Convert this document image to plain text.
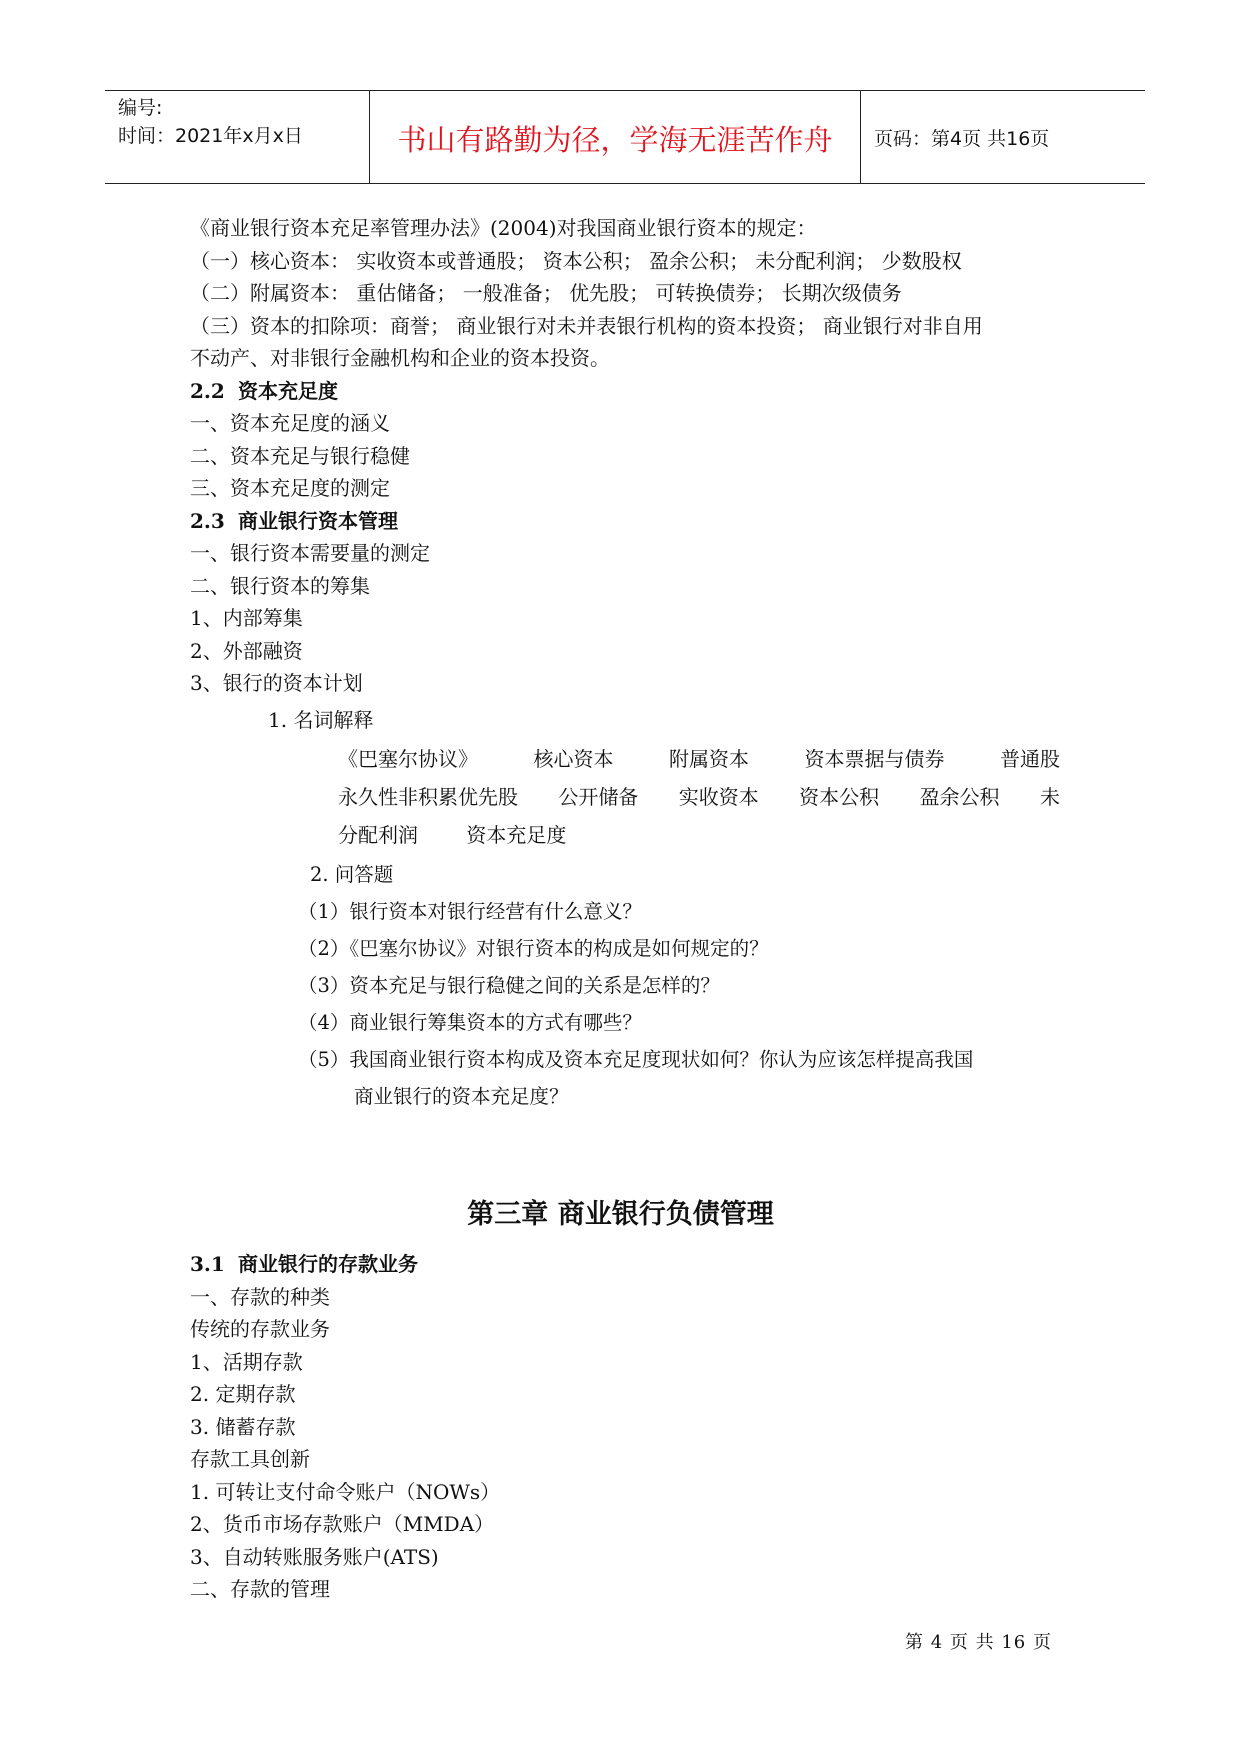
编号:
时间：2021年x月x日	书山有路勤为径，学海无涯苦作舟	页码：第4页 共16页
《商业银行资本充足率管理办法》(2004)对我国商业银行资本的规定：
（一）核心资本： 实收资本或普通股； 资本公积； 盈余公积； 未分配利润； 少数股权
（二）附属资本： 重估储备； 一般准备； 优先股； 可转换债券； 长期次级债务
（三）资本的扣除项：商誉； 商业银行对未并表银行机构的资本投资； 商业银行对非自用
不动产、对非银行金融机构和企业的资本投资。
2.2 资本充足度
一、资本充足度的涵义
二、资本充足与银行稳健
三、资本充足度的测定
2.3 商业银行资本管理
一、银行资本需要量的测定
二、银行资本的筹集
1、内部筹集
2、外部融资
3、银行的资本计划
1. 名词解释
《巴塞尔协议》	核心资本	附属资本	资本票据与债券	普通股
永久性非积累优先股 公开储备 实收资本 资本公积 盈余公积 未
分配利润 资本充足度
2. 问答题
（1）银行资本对银行经营有什么意义？
（2）《巴塞尔协议》对银行资本的构成是如何规定的？
（3）资本充足与银行稳健之间的关系是怎样的？
（4）商业银行筹集资本的方式有哪些？
（5）我国商业银行资本构成及资本充足度现状如何？你认为应该怎样提高我国
商业银行的资本充足度？
第三章 商业银行负债管理
3.1 商业银行的存款业务
一、存款的种类
传统的存款业务
1、活期存款
2. 定期存款
3. 储蓄存款
存款工具创新
1. 可转让支付命令账户（NOWs）
2、货币市场存款账户（MMDA）
3、自动转账服务账户(ATS)
二、存款的管理
第 4 页 共 16 页
